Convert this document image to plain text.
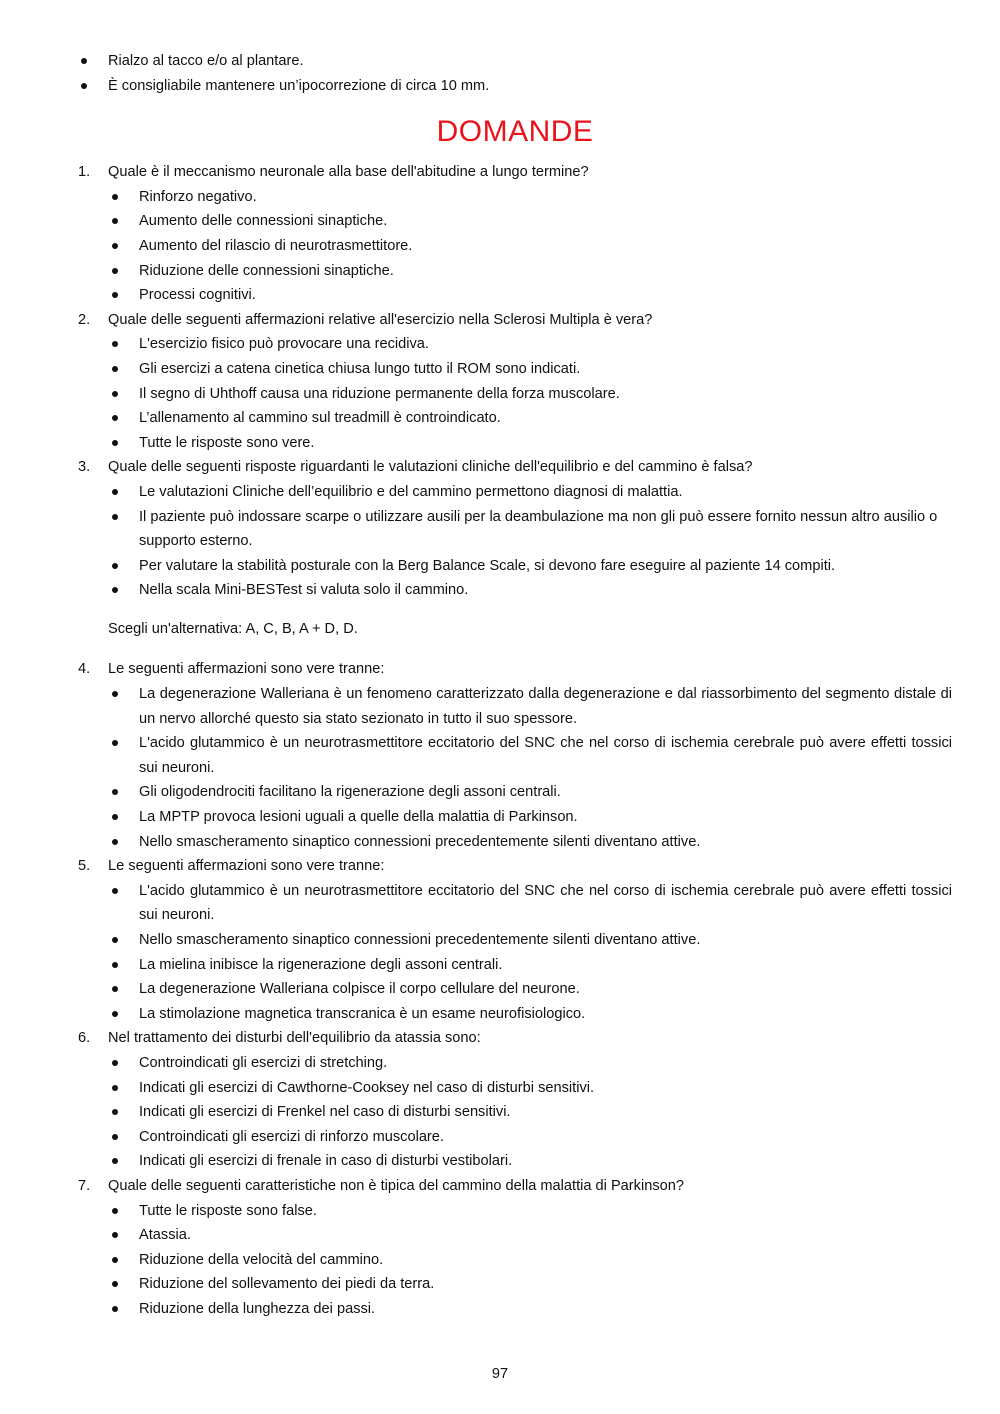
Rialzo al tacco e/o al plantare.
È consigliabile mantenere un’ipocorrezione di circa 10 mm.
DOMANDE
1.	Quale è il meccanismo neuronale alla base dell'abitudine a lungo termine?
Rinforzo negativo.
Aumento delle connessioni sinaptiche.
Aumento del rilascio di neurotrasmettitore.
Riduzione delle connessioni sinaptiche.
Processi cognitivi.
2.	Quale delle seguenti affermazioni relative all'esercizio nella Sclerosi Multipla è vera?
L'esercizio fisico può provocare una recidiva.
Gli esercizi a catena cinetica chiusa lungo tutto il ROM sono indicati.
Il segno di Uhthoff causa una riduzione permanente della forza muscolare.
L’allenamento al cammino sul treadmill è controindicato.
Tutte le risposte sono vere.
3.	Quale delle seguenti risposte riguardanti le valutazioni cliniche dell'equilibrio e del cammino è falsa?
Le valutazioni Cliniche dell’equilibrio e del cammino permettono diagnosi di malattia.
Il paziente può indossare scarpe o utilizzare ausili per la deambulazione ma non gli può essere fornito nessun altro ausilio o supporto esterno.
Per valutare la stabilità posturale con la Berg Balance Scale, si devono fare eseguire al paziente 14 compiti.
Nella scala Mini-BESTest si valuta solo il cammino.
Scegli un'alternativa: A, C, B, A + D, D.
4.	Le seguenti affermazioni sono vere tranne:
La degenerazione Walleriana è un fenomeno caratterizzato dalla degenerazione e dal riassorbimento del segmento distale di un nervo allorché questo sia stato sezionato in tutto il suo spessore.
L'acido glutammico è un neurotrasmettitore eccitatorio del SNC che nel corso di ischemia cerebrale può avere effetti tossici sui neuroni.
Gli oligodendrociti facilitano la rigenerazione degli assoni centrali.
La MPTP provoca lesioni uguali a quelle della malattia di Parkinson.
Nello smascheramento sinaptico connessioni precedentemente silenti diventano attive.
5.	Le seguenti affermazioni sono vere tranne:
L'acido glutammico è un neurotrasmettitore eccitatorio del SNC che nel corso di ischemia cerebrale può avere effetti tossici sui neuroni.
Nello smascheramento sinaptico connessioni precedentemente silenti diventano attive.
La mielina inibisce la rigenerazione degli assoni centrali.
La degenerazione Walleriana colpisce il corpo cellulare del neurone.
La stimolazione magnetica transcranica è un esame neurofisiologico.
6.	Nel trattamento dei disturbi dell'equilibrio da atassia sono:
Controindicati gli esercizi di stretching.
Indicati gli esercizi di Cawthorne-Cooksey nel caso di disturbi sensitivi.
Indicati gli esercizi di Frenkel nel caso di disturbi sensitivi.
Controindicati gli esercizi di rinforzo muscolare.
Indicati gli esercizi di frenale in caso di disturbi vestibolari.
7.	Quale delle seguenti caratteristiche non è tipica del cammino della malattia di Parkinson?
Tutte le risposte sono false.
Atassia.
Riduzione della velocità del cammino.
Riduzione del sollevamento dei piedi da terra.
Riduzione della lunghezza dei passi.
97
